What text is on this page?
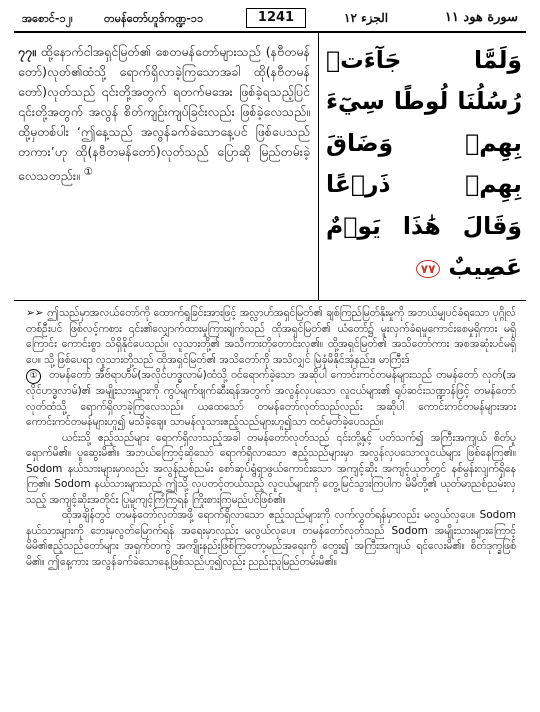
အစောင်-၁၂၊	တမန်တော်ဟူဒ်ကဏ္ဍ-၁၁	1241	الجزء ١٢	سورة هود ١١
၇၇။ ထို့နောက်ငါအရှင်မြတ်၏ စေတမန်တော်များသည် (နဗီတမန်တော်)လုတ်၏ထံသို့ ရောက်ရှိလာခဲ့ကြသောအခါ ထို(နဗီတမန်တော်)လုတ်သည် ၎င်းတို့အတွက် ရတက်မအေး ဖြစ်ခဲ့ရသည့်ပြင် ၎င်းတို့အတွက် အလွန် စိတ်ကျဉ်းကျပ်ခြင်းလည်း ဖြစ်ခဲ့လေသည်။ ထို့မှတစ်ပါး ‘ဤနေ့သည် အလွန်ခက်ခဲသောနေ့ပင် ဖြစ်ပေသည်တကား’ဟု ထို(နဗီတမန်တော်)လုတ်သည် ပြောဆို မြည်တမ်းခဲ့လေသတည်း။ ①
وَلَمَّا جَآءَتۡ رُسُلُنَا لُوطًا سِيٓءَ بِهِمۡ وَضَاقَ بِهِمۡ ذَرۡعًا وَقَالَ هَٰذَا يَوۡمٌ عَصِيبٌ ٧٧

➢➢ ဤသည်မှာအလယ်တော်ကို ထောက်ရှုခြင်းအားဖြင့် အလ္လာဟ်အရှင်မြတ်၏ ချစ်ကြည်မြတ်နိုးမှုကို အဘယ်မျှပင်ခံရသော ပုဂ္ဂိုလ်တစ်ဦးပင် ဖြစ်လင့်ကစား ၎င်း၏လျှောက်ထားမှုကြားရျက်သည် ထိုအရှင်မြတ်၏ ယံတော်၌ မူးလှက်ခံရမှုကောင်းစေမှုရှိကား မရှိကြောင်း ကောင်းစွာ သိရှိနိုင်ပေသည်။ လူသားတို့၏ အသိကားတိုတောင်းလှ၏။ ထို့အရှင်မြတ်၏ အသိတော်ကား အစအဆုံးပင်မရှိပေ။ သို့ဖြစ်ပေရာ လူသားတို့သည် ထိုအရှင်မြတ်၏ အသိတော်ကို အသိလျှင် မြဲခုံမိနိုင်အုံနည်း။ မာကြီးဒ်

① တမန်တော် အီဗ်ရာဟီမ်(အလိုင်ဟဒ္ဓလာမ်)ထံသို့ ဝင်ရောက်ခဲ့သော အဆိုပါ ကောင်းကင်တမန်များသည် တမန်တော် လုတ်(အလိုင်ဟဒ္ဓလာမ်)၏ အမျိုးသားများကို ကွပ်မျက်ဖျက်ဆီးရန်အတွက် အလွန်လှပသော လူငယ်များ၏ ရုပ်ဆင်းသဏ္ဍာန်ဖြင့် တမန်တော်လုတ်ထံသို့ ရောက်ရှိလာခဲ့ကြလေသည်။ ယထေသော် တမန်တော်လုတ်သည်လည်း အဆိုပါ ကောင်းကင်တမန်များအား ကောင်းကင်တမန်များဟူ၍ မသိခဲ့ချေ။ သာမန်လူသားဧည့်သည်များဟူ၍သာ ထင်မှတ်ခဲ့ပေသည်။

ယင်းသို့ ဧည့်သည်များ ရောက်ရှိလာသည့်အခါ တမန်တော်လုတ်သည် ၎င်းတို့နှင့် ပတ်သက်၍ အကြီးအကျယ် စိတ်ပူရှောက်မိ၏။ ပူဆွေးမိ၏။ အဘယ်ကြောင့်ဆိုသော် ရောက်ရှိလာသော ဧည့်သည်များမှာ အလွန်လှပသောလူငယ်များ ဖြစ်နေကြ၏။ Sodom နယ်သားများမှာလည်း အလွန်ညစ်ညမ်း စော်ဆုပ်ရွံရှာဖွယ်ကောင်းသော အကျင့်ဆိုး အကျင့်ယုတ်တွင် နစ်မွန်းလျက်ရှိနေကြ၏။ Sodom နယ်သားများသည် ဤသို့ လှပတင့်တယ်သည့် လူငယ်များကို တွေ့မြင်သွားကြပါက မိမိတို့၏ ယုတ်မာညစ်ညမ်းလှသည့် အကျင့်ဆိုးအတိုင်း ပြုမူကျင့်ကြံကြရန် ကြိုးစားကြမည်ပင်ဖြစ်၏။

ထိုအချိန်တွင် တမန်တော်လုတ်အဖို့ ရောက်ရှိလာသော ဧည့်သည်များကို လက်လွှတ်ရန်မှာလည်း မလွယ်လှပေ။ Sodom နယ်သားများကို ဘေးမှလွတ်မြောက်ရန် အရေးမှာလည်း မလွယ်လှပေ။ တမန်တော်လုတ်သည် Sodom အမျိုးသားများကြောင့် မိမိ၏ဧည့်သည်တော်များ အရှက်တကွဲ အကျိုးနည်းဖြစ်ကြတော့မည်အရေးကို တွေး၍ အကြီးအကျယ် ရင်လေးမိ၏။ စိတ်ဒုက္ခဖြစ်မိ၏။ ဤနေ့ကား အလွန်ခက်ခဲသောနေ့ဖြစ်သည်ဟူ၍လည်း ညည်းညူမြည်တမ်းမိ၏။
